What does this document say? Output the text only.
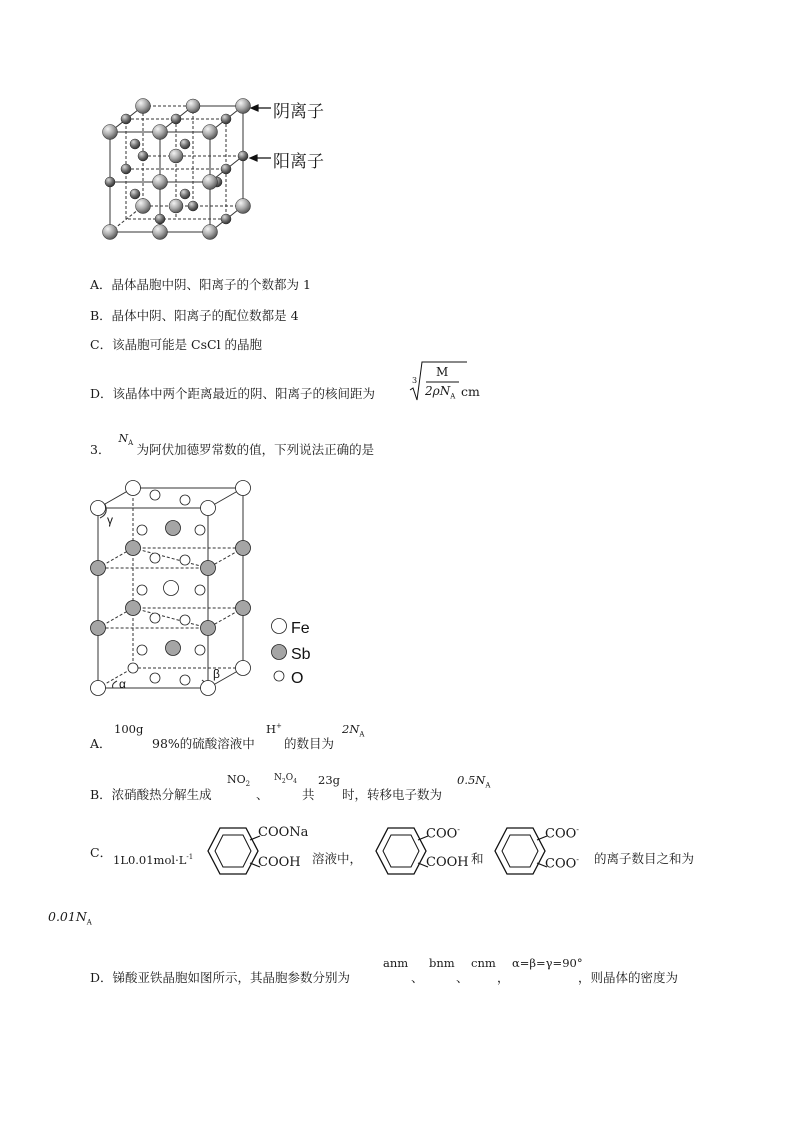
阴离子
阳离子
A．晶体晶胞中阴、阳离子的个数都为 1
B．晶体中阴、阳离子的配位数都是 4
C．该晶胞可能是 CsCl 的晶胞
D．该晶体中两个距离最近的阴、阳离子的核间距为
3
M
$2\rho N_A$ cm
3． $N_A$ 为阿伏加德罗常数的值，下列说法正确的是
Fe
Sb
O
γ
α
β
A．
100g
98%的硫酸溶液中
H+
的数目为
$2N_A$
B．浓硝酸热分解生成
$NO_2$
、
$N_2O_4$
共
23g
时，转移电子数为
$0.5N_A$
C． $1L0.01mol\cdot L^{-1}$
COONa
COOH 溶液中，
COO-
COOH 和
COO-
COO- 的离子数目之和为
$0.01N_A$
D．锑酸亚铁晶胞如图所示，其晶胞参数分别为
anm
、
bnm
、
cnm
，
α=β=γ=90°
，则晶体的密度为
